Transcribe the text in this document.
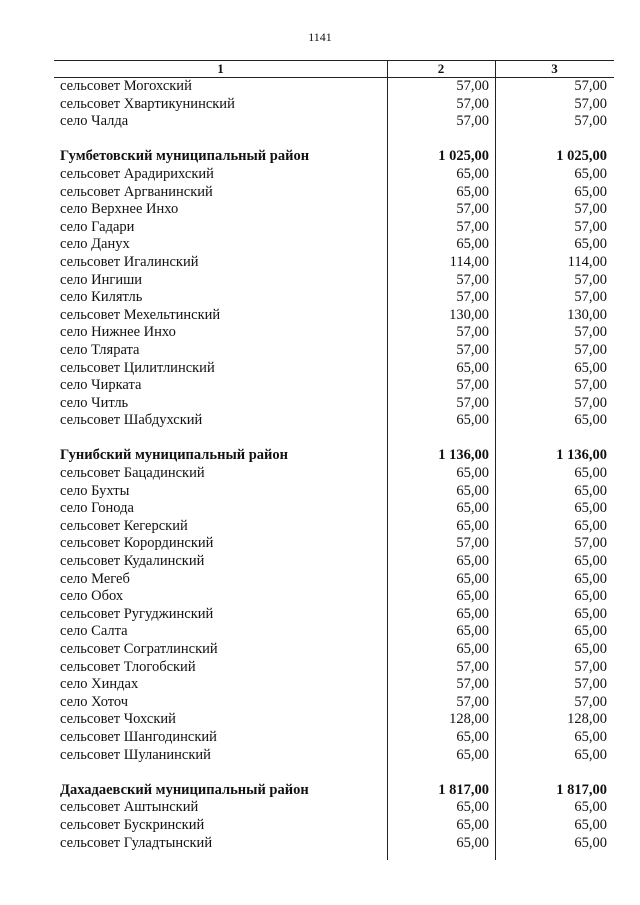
1141
1	2	3
сельсовет Могохский	57,00	57,00
сельсовет Хвартикунинский	57,00	57,00
село Чалда	57,00	57,00
Гумбетовский муниципальный район	1 025,00	1 025,00
сельсовет Арадирихский	65,00	65,00
сельсовет Аргванинский	65,00	65,00
село Верхнее Инхо	57,00	57,00
село Гадари	57,00	57,00
село Данух	65,00	65,00
сельсовет Игалинский	114,00	114,00
село Ингиши	57,00	57,00
село Килятль	57,00	57,00
сельсовет Мехельтинский	130,00	130,00
село Нижнее Инхо	57,00	57,00
село Тлярата	57,00	57,00
сельсовет Цилитлинский	65,00	65,00
село Чирката	57,00	57,00
село Читль	57,00	57,00
сельсовет Шабдухский	65,00	65,00
Гунибский муниципальный район	1 136,00	1 136,00
сельсовет Бацадинский	65,00	65,00
село Бухты	65,00	65,00
село Гонода	65,00	65,00
сельсовет Кегерский	65,00	65,00
сельсовет Корординский	57,00	57,00
сельсовет Кудалинский	65,00	65,00
село Мегеб	65,00	65,00
село Обох	65,00	65,00
сельсовет Ругуджинский	65,00	65,00
село Салта	65,00	65,00
сельсовет Согратлинский	65,00	65,00
сельсовет Тлогобский	57,00	57,00
село Хиндах	57,00	57,00
село Хоточ	57,00	57,00
сельсовет Чохский	128,00	128,00
сельсовет Шангодинский	65,00	65,00
сельсовет Шуланинский	65,00	65,00
Дахадаевский муниципальный район	1 817,00	1 817,00
сельсовет Аштынский	65,00	65,00
сельсовет Бускринский	65,00	65,00
сельсовет Гуладтынский	65,00	65,00
